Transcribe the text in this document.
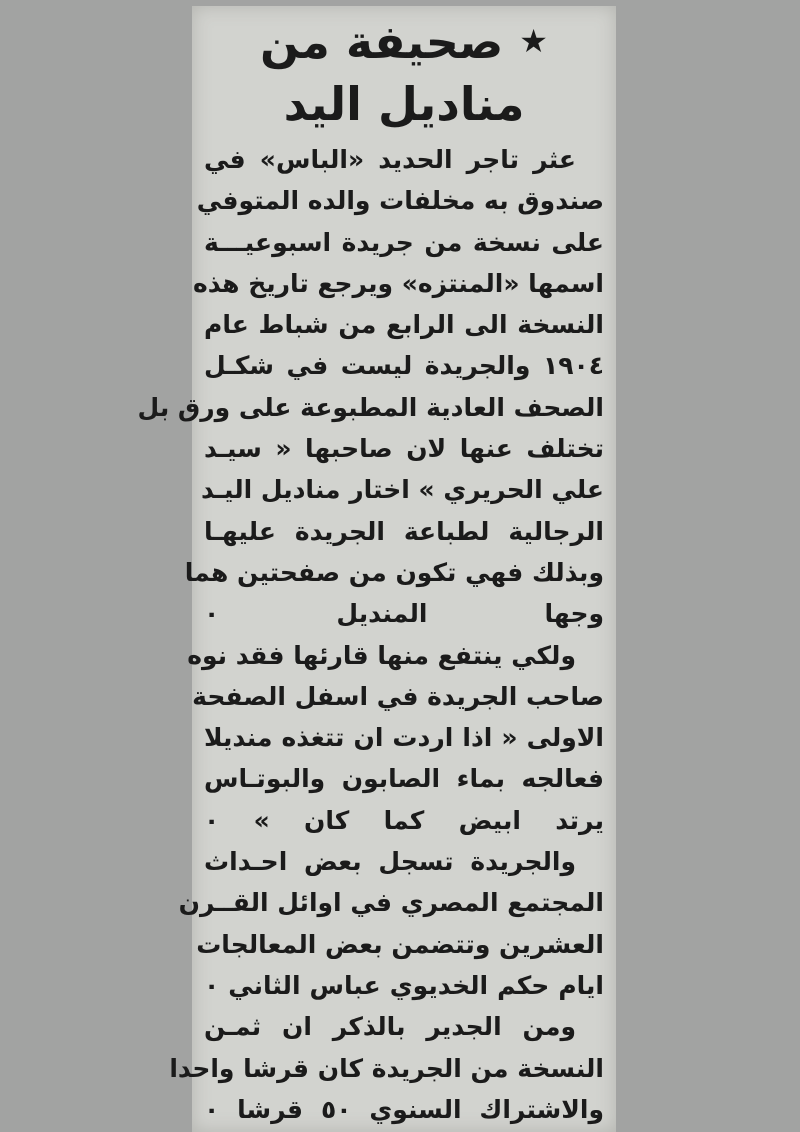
★صحيفة من
مناديل اليد

عثر تاجر الحديد «الباس» في
صندوق به مخلفات والده المتوفي
على نسخة من جريدة اسبوعيـــة
اسمها «المنتزه» ويرجع تاريخ هذه
النسخة الى الرابع من شباط عام
١٩٠٤ والجريدة ليست في شكـل
الصحف العادية المطبوعة على ورق بل
تختلف عنها لان صاحبها « سيـد
علي الحريري » اختار مناديل اليـد
الرجالية لطباعة الجريدة عليهـا
وبذلك فهي تكون من صفحتين هما
وجها المنديل ٠

ولكي ينتفع منها قارئها فقد نوه
صاحب الجريدة في اسفل الصفحة
الاولى « اذا اردت ان تتغذه منديلا
فعالجه بماء الصابون والبوتـاس
يرتد ابيض كما كان » ٠

والجريدة تسجل بعض احـداث
المجتمع المصري في اوائل القــرن
العشرين وتتضمن بعض المعالجات
ايام حكم الخديوي عباس الثاني ٠

ومن الجدير بالذكر ان ثمـن
النسخة من الجريدة كان قرشا واحدا
والاشتراك السنوي ٥٠ قرشا ٠
